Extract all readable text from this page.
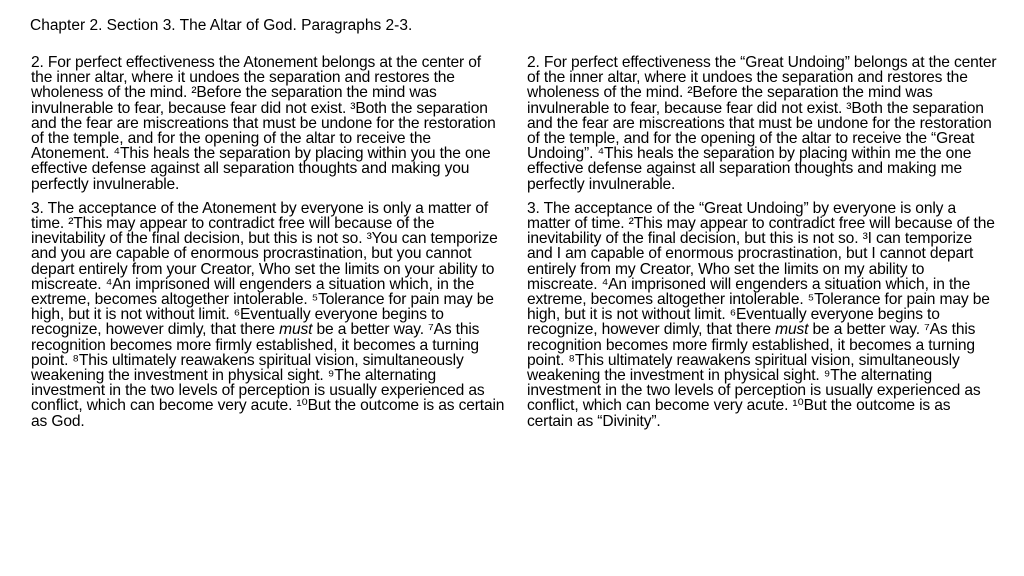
Chapter 2. Section 3. The Altar of God. Paragraphs 2-3.

2. For perfect effectiveness the Atonement belongs at the center of the inner altar, where it undoes the separation and restores the wholeness of the mind. ²Before the separation the mind was invulnerable to fear, because fear did not exist. ³Both the separation and the fear are miscreations that must be undone for the restoration of the temple, and for the opening of the altar to receive the Atonement. ⁴This heals the separation by placing within you the one effective defense against all separation thoughts and making you perfectly invulnerable.

3. The acceptance of the Atonement by everyone is only a matter of time. ²This may appear to contradict free will because of the inevitability of the final decision, but this is not so. ³You can temporize and you are capable of enormous procrastination, but you cannot depart entirely from your Creator, Who set the limits on your ability to miscreate. ⁴An imprisoned will engenders a situation which, in the extreme, becomes altogether intolerable. ⁵Tolerance for pain may be high, but it is not without limit. ⁶Eventually everyone begins to recognize, however dimly, that there must be a better way. ⁷As this recognition becomes more firmly established, it becomes a turning point. ⁸This ultimately reawakens spiritual vision, simultaneously weakening the investment in physical sight. ⁹The alternating investment in the two levels of perception is usually experienced as conflict, which can become very acute. ¹⁰But the outcome is as certain as God.

2. For perfect effectiveness the “Great Undoing” belongs at the center of the inner altar, where it undoes the separation and restores the wholeness of the mind. ²Before the separation the mind was invulnerable to fear, because fear did not exist. ³Both the separation and the fear are miscreations that must be undone for the restoration of the temple, and for the opening of the altar to receive the “Great Undoing”. ⁴This heals the separation by placing within me the one effective defense against all separation thoughts and making me perfectly invulnerable.

3. The acceptance of the “Great Undoing” by everyone is only a matter of time. ²This may appear to contradict free will because of the inevitability of the final decision, but this is not so. ³I can temporize and I am capable of enormous procrastination, but I cannot depart entirely from my Creator, Who set the limits on my ability to miscreate. ⁴An imprisoned will engenders a situation which, in the extreme, becomes altogether intolerable. ⁵Tolerance for pain may be high, but it is not without limit. ⁶Eventually everyone begins to recognize, however dimly, that there must be a better way. ⁷As this recognition becomes more firmly established, it becomes a turning point. ⁸This ultimately reawakens spiritual vision, simultaneously weakening the investment in physical sight. ⁹The alternating investment in the two levels of perception is usually experienced as conflict, which can become very acute. ¹⁰But the outcome is as certain as “Divinity”.
